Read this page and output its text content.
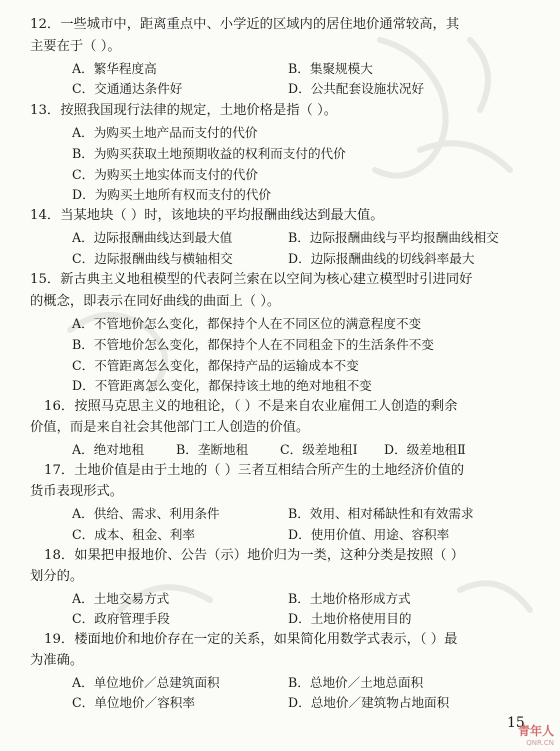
12．一些城市中，距离重点中、小学近的区域内的居住地价通常较高，其
主要在于（ ）。
A．繁华程度高	B．集聚规模大
C．交通通达条件好	D．公共配套设施状况好
13．按照我国现行法律的规定，土地价格是指（ ）。
A．为购买土地产品而支付的代价
B．为购买获取土地预期收益的权利而支付的代价
C．为购买土地实体而支付的代价
D．为购买土地所有权而支付的代价
14．当某地块（ ）时，该地块的平均报酬曲线达到最大值。
A．边际报酬曲线达到最大值	B．边际报酬曲线与平均报酬曲线相交
C．边际报酬曲线与横轴相交	D．边际报酬曲线的切线斜率最大
15．新古典主义地租模型的代表阿兰索在以空间为核心建立模型时引进同好
的概念，即表示在同好曲线的曲面上（ ）。
A．不管地价怎么变化，都保持个人在不同区位的满意程度不变
B．不管地价怎么变化，都保持个人在不同租金下的生活条件不变
C．不管距离怎么变化，都保持产品的运输成本不变
D．不管距离怎么变化，都保持该土地的绝对地租不变
16．按照马克思主义的地租论，（ ）不是来自农业雇佣工人创造的剩余
价值，而是来自社会其他部门工人创造的价值。
A．绝对地租	B．垄断地租	C．级差地租Ⅰ D．级差地租Ⅱ
17．土地价值是由于土地的（ ）三者互相结合所产生的土地经济价值的
货币表现形式。
A．供给、需求、利用条件	B．效用、相对稀缺性和有效需求
C．成本、租金、利率	D．使用价值、用途、容积率
18．如果把申报地价、公告（示）地价归为一类，这种分类是按照（ ）
划分的。
A．土地交易方式	B．土地价格形成方式
C．政府管理手段	D．土地价格使用目的
19．楼面地价和地价存在一定的关系，如果简化用数学式表示，（ ）最
为准确。
A．单位地价／总建筑面积	B．总地价／土地总面积
C．单位地价／容积率	D．总地价／建筑物占地面积
15
青年人
QNR.CN
